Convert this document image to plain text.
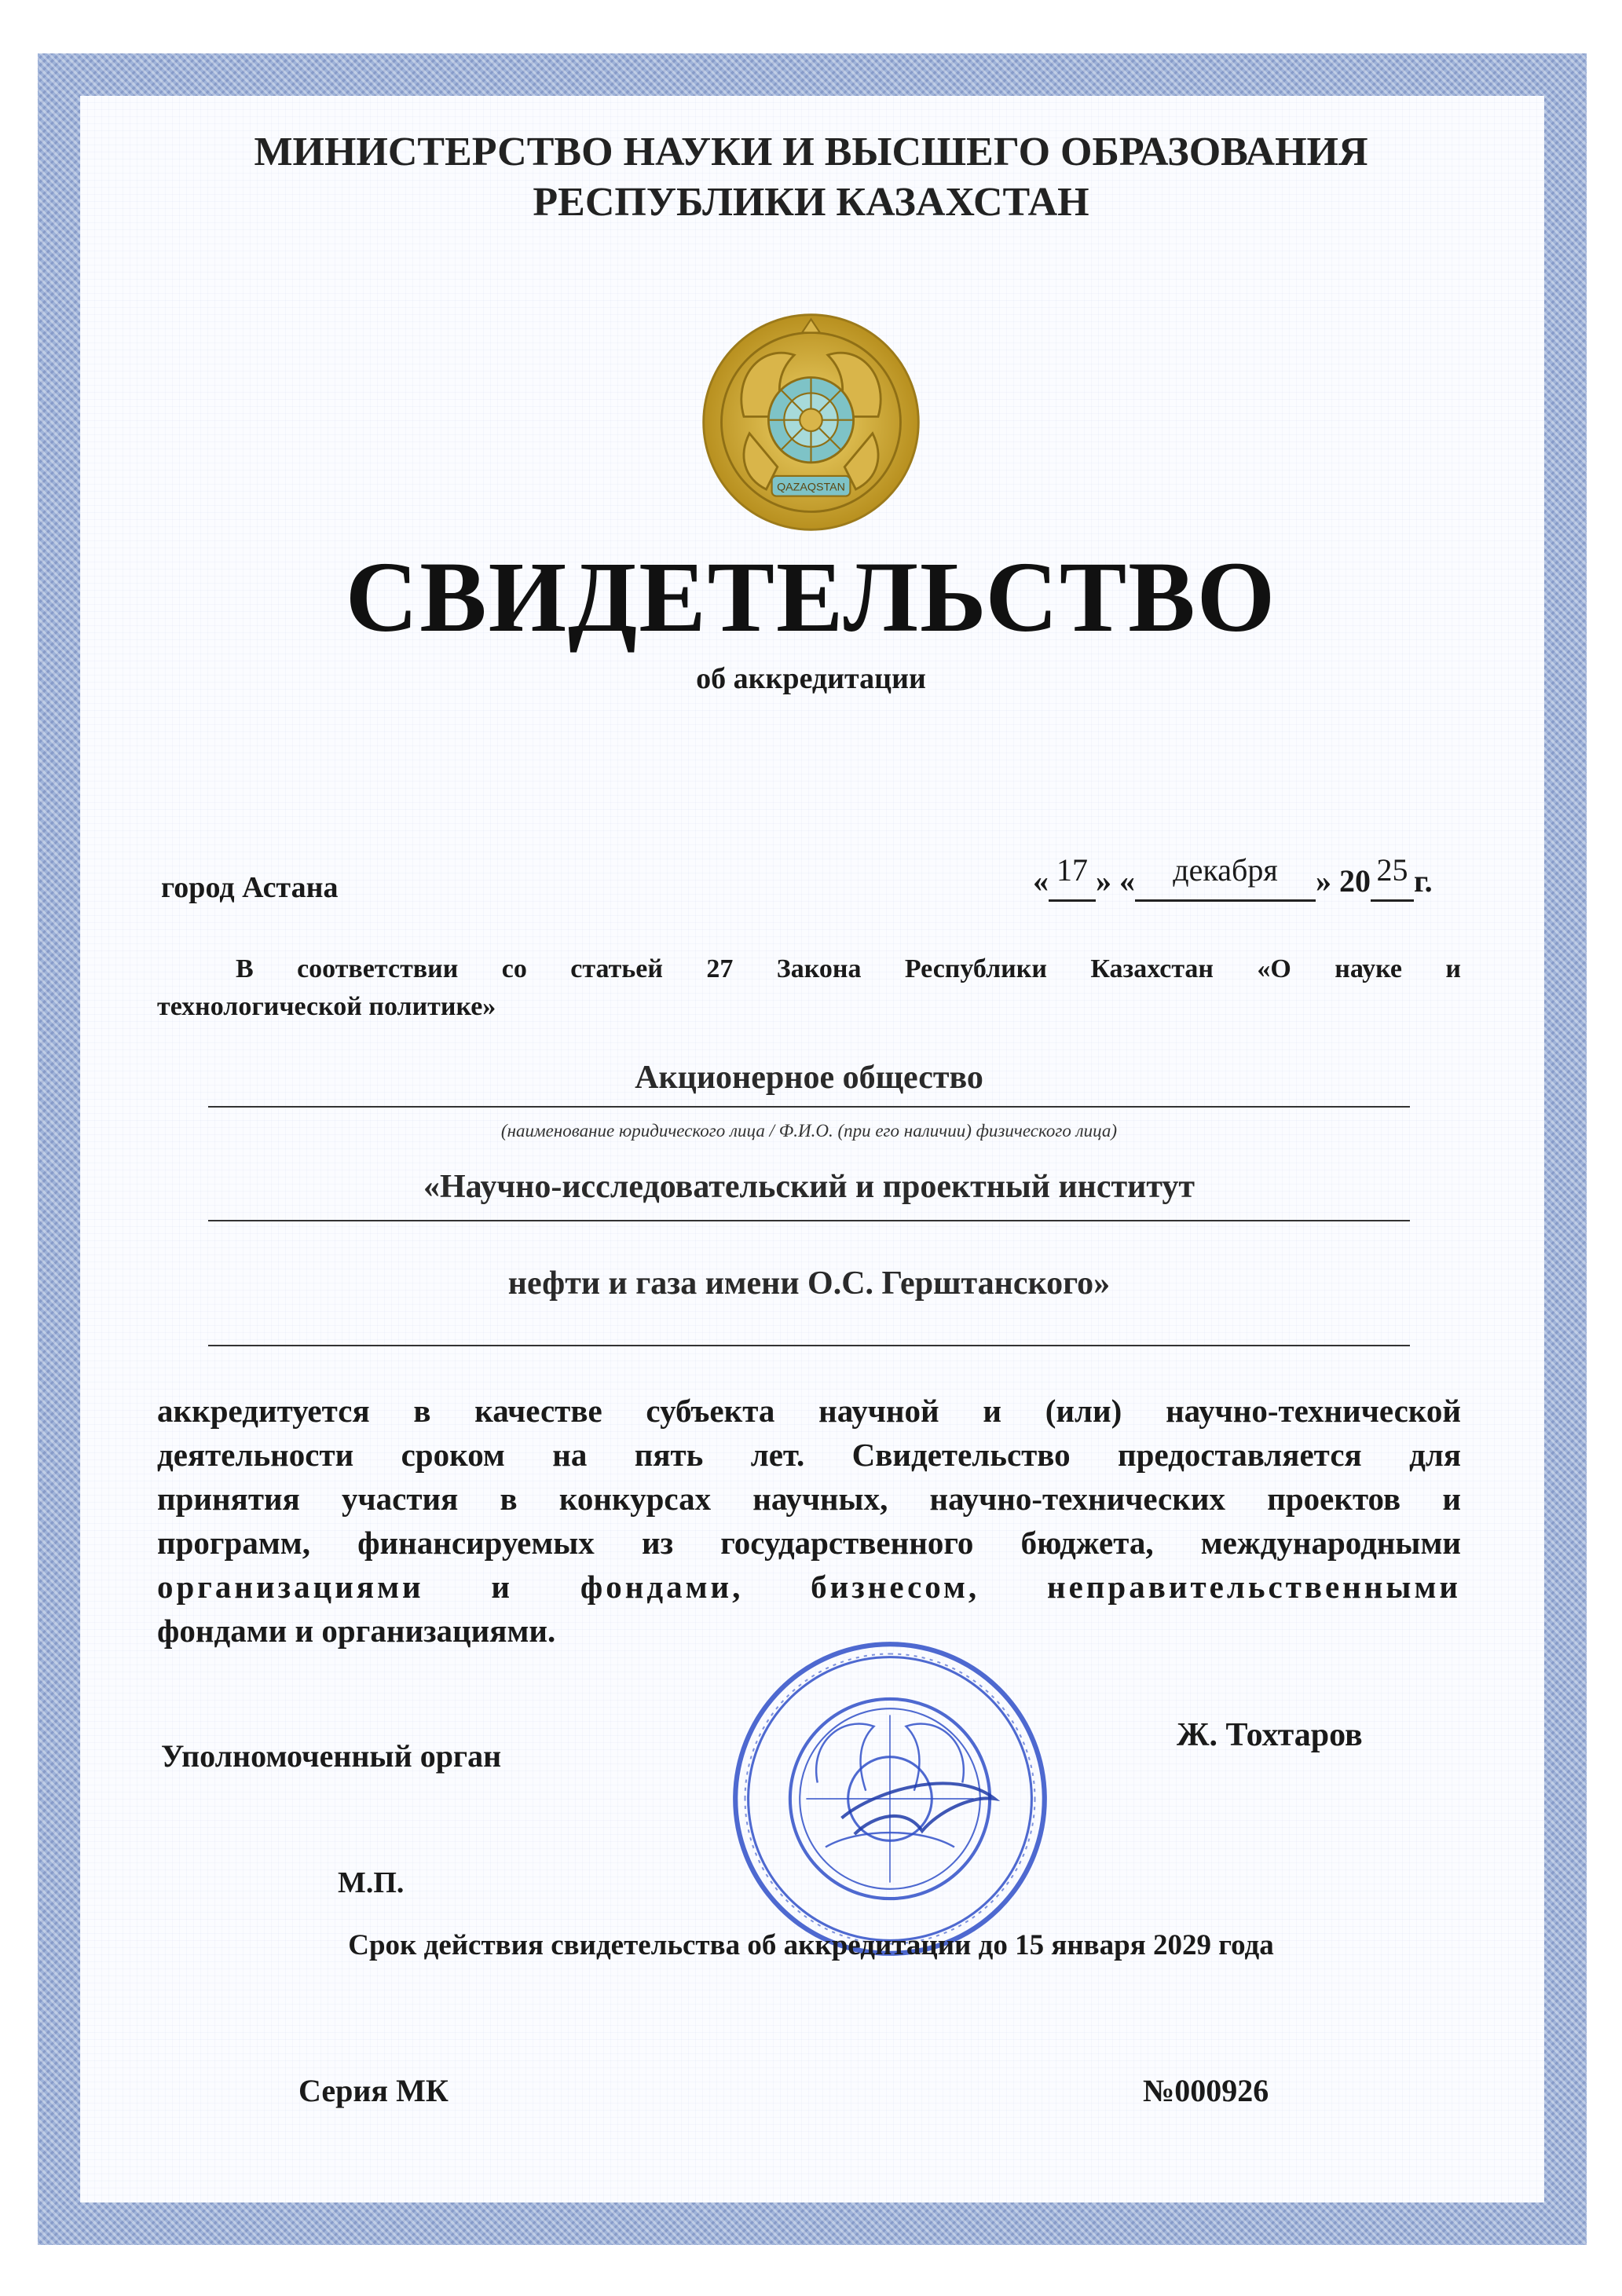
МИНИСТЕРСТВО НАУКИ И ВЫСШЕГО ОБРАЗОВАНИЯ
РЕСПУБЛИКИ КАЗАХСТАН
QAZAQSTAN
СВИДЕТЕЛЬСТВО
об аккредитации
город Астана	« 17 » « декабря » 20 25 г.
В соответствии со статьей 27 Закона Республики Казахстан «О науке и
технологической политике»
Акционерное общество
(наименование юридического лица / Ф.И.О. (при его наличии) физического лица)
«Научно-исследовательский и проектный институт
нефти и газа имени О.С. Герштанского»
аккредитуется в качестве субъекта научной и (или) научно-технической
деятельности сроком на пять лет. Свидетельство предоставляется для
принятия участия в конкурсах научных, научно-технических проектов и
программ, финансируемых из государственного бюджета, международными
организациями и фондами, бизнесом, неправительственными
фондами и организациями.
Уполномоченный орган
Ж. Тохтаров
М.П.
Срок действия свидетельства об аккредитации до 15 января 2029 года
Серия МК	№000926
